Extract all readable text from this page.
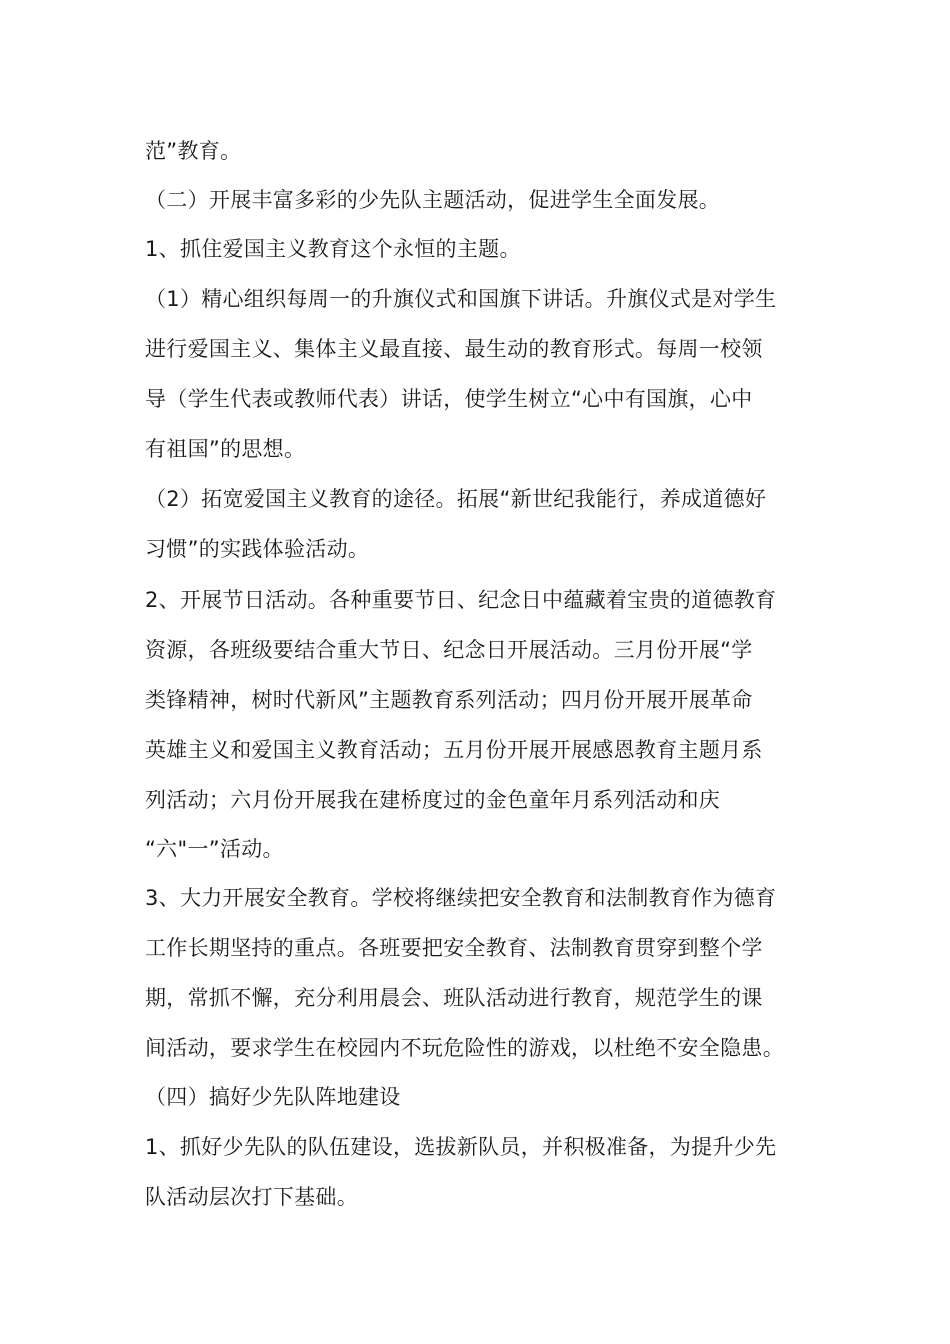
范”教育。
（二）开展丰富多彩的少先队主题活动，促进学生全面发展。
1、抓住爱国主义教育这个永恒的主题。
（1）精心组织每周一的升旗仪式和国旗下讲话。升旗仪式是对学生
进行爱国主义、集体主义最直接、最生动的教育形式。每周一校领
导（学生代表或教师代表）讲话，使学生树立“心中有国旗，心中
有祖国”的思想。
（2）拓宽爱国主义教育的途径。拓展“新世纪我能行，养成道德好
习惯”的实践体验活动。
2、开展节日活动。各种重要节日、纪念日中蕴藏着宝贵的道德教育
资源，各班级要结合重大节日、纪念日开展活动。三月份开展“学
类锋精神，树时代新风”主题教育系列活动；四月份开展开展革命
英雄主义和爱国主义教育活动；五月份开展开展感恩教育主题月系
列活动；六月份开展我在建桥度过的金色童年月系列活动和庆
“六"一”活动。
3、大力开展安全教育。学校将继续把安全教育和法制教育作为德育
工作长期坚持的重点。各班要把安全教育、法制教育贯穿到整个学
期，常抓不懈，充分利用晨会、班队活动进行教育，规范学生的课
间活动，要求学生在校园内不玩危险性的游戏，以杜绝不安全隐患。
（四）搞好少先队阵地建设
1、抓好少先队的队伍建设，选拔新队员，并积极准备，为提升少先
队活动层次打下基础。
